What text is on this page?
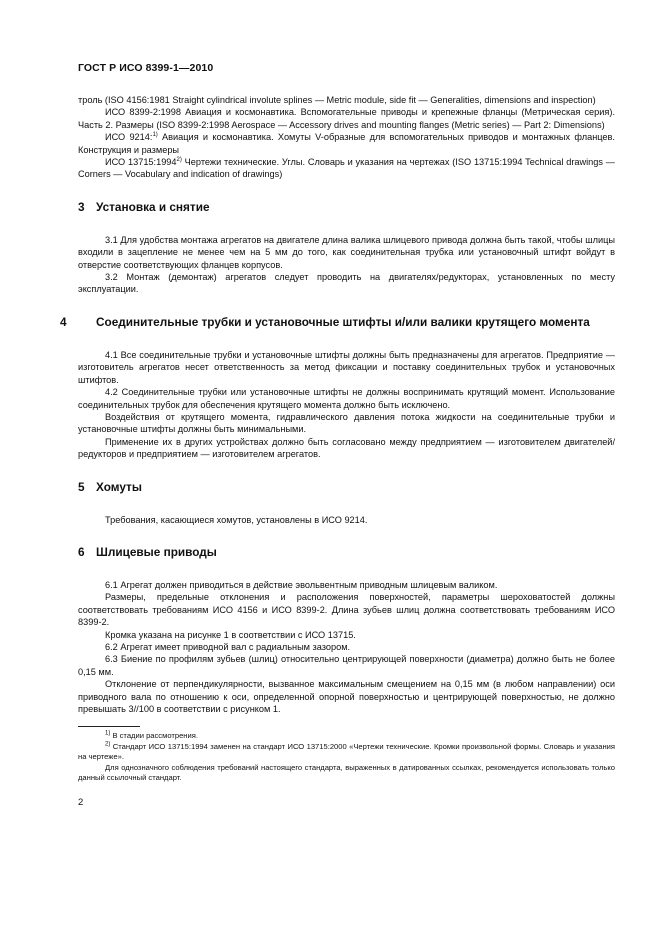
ГОСТ Р ИСО 8399-1—2010

троль (ISO 4156:1981 Straight cylindrical involute splines — Metric module, side fit — Generalities, dimensions and inspection)

ИСО 8399-2:1998 Авиация и космонавтика. Вспомогательные приводы и крепежные фланцы (Метрическая серия). Часть 2. Размеры (ISO 8399-2:1998 Aerospace — Accessory drives and mounting flanges (Metric series) — Part 2: Dimensions)

ИСО 9214:$^{1)}$ Авиация и космонавтика. Хомуты V-образные для вспомогательных приводов и монтажных фланцев. Конструкция и размеры

ИСО 13715:1994$^{2)}$ Чертежи технические. Углы. Словарь и указания на чертежах (ISO 13715:1994 Technical drawings — Corners — Vocabulary and indication of drawings)

3 Установка и снятие

3.1 Для удобства монтажа агрегатов на двигателе длина валика шлицевого привода должна быть такой, чтобы шлицы входили в зацепление не менее чем на 5 мм до того, как соединительная трубка или установочный штифт войдут в отверстие соответствующих фланцев корпусов.

3.2 Монтаж (демонтаж) агрегатов следует проводить на двигателях/редукторах, установленных по месту эксплуатации.

4 Соединительные трубки и установочные штифты и/или валики крутящего момента

4.1 Все соединительные трубки и установочные штифты должны быть предназначены для агрегатов. Предприятие — изготовитель агрегатов несет ответственность за метод фиксации и поставку соединительных трубок и установочных штифтов.

4.2 Соединительные трубки или установочные штифты не должны воспринимать крутящий момент. Использование соединительных трубок для обеспечения крутящего момента должно быть исключено.

Воздействия от крутящего момента, гидравлического давления потока жидкости на соединительные трубки и установочные штифты должны быть минимальными.

Применение их в других устройствах должно быть согласовано между предприятием — изготовителем двигателей/редукторов и предприятием — изготовителем агрегатов.

5 Хомуты

Требования, касающиеся хомутов, установлены в ИСО 9214.

6 Шлицевые приводы

6.1 Агрегат должен приводиться в действие эвольвентным приводным шлицевым валиком.

Размеры, предельные отклонения и расположения поверхностей, параметры шероховатостей должны соответствовать требованиям ИСО 4156 и ИСО 8399-2. Длина зубьев шлиц должна соответствовать требованиям ИСО 8399-2.

Кромка указана на рисунке 1 в соответствии с ИСО 13715.

6.2 Агрегат имеет приводной вал с радиальным зазором.

6.3 Биение по профилям зубьев (шлиц) относительно центрирующей поверхности (диаметра) должно быть не более 0,15 мм.

Отклонение от перпендикулярности, вызванное максимальным смещением на 0,15 мм (в любом направлении) оси приводного вала по отношению к оси, определенной опорной поверхностью и центрирующей поверхностью, не должно превышать 3//100 в соответствии с рисунком 1.

$^{1)}$ В стадии рассмотрения.

$^{2)}$ Стандарт ИСО 13715:1994 заменен на стандарт ИСО 13715:2000 «Чертежи технические. Кромки произвольной формы. Словарь и указания на чертеже».

Для однозначного соблюдения требований настоящего стандарта, выраженных в датированных ссылках, рекомендуется использовать только данный ссылочный стандарт.

2
